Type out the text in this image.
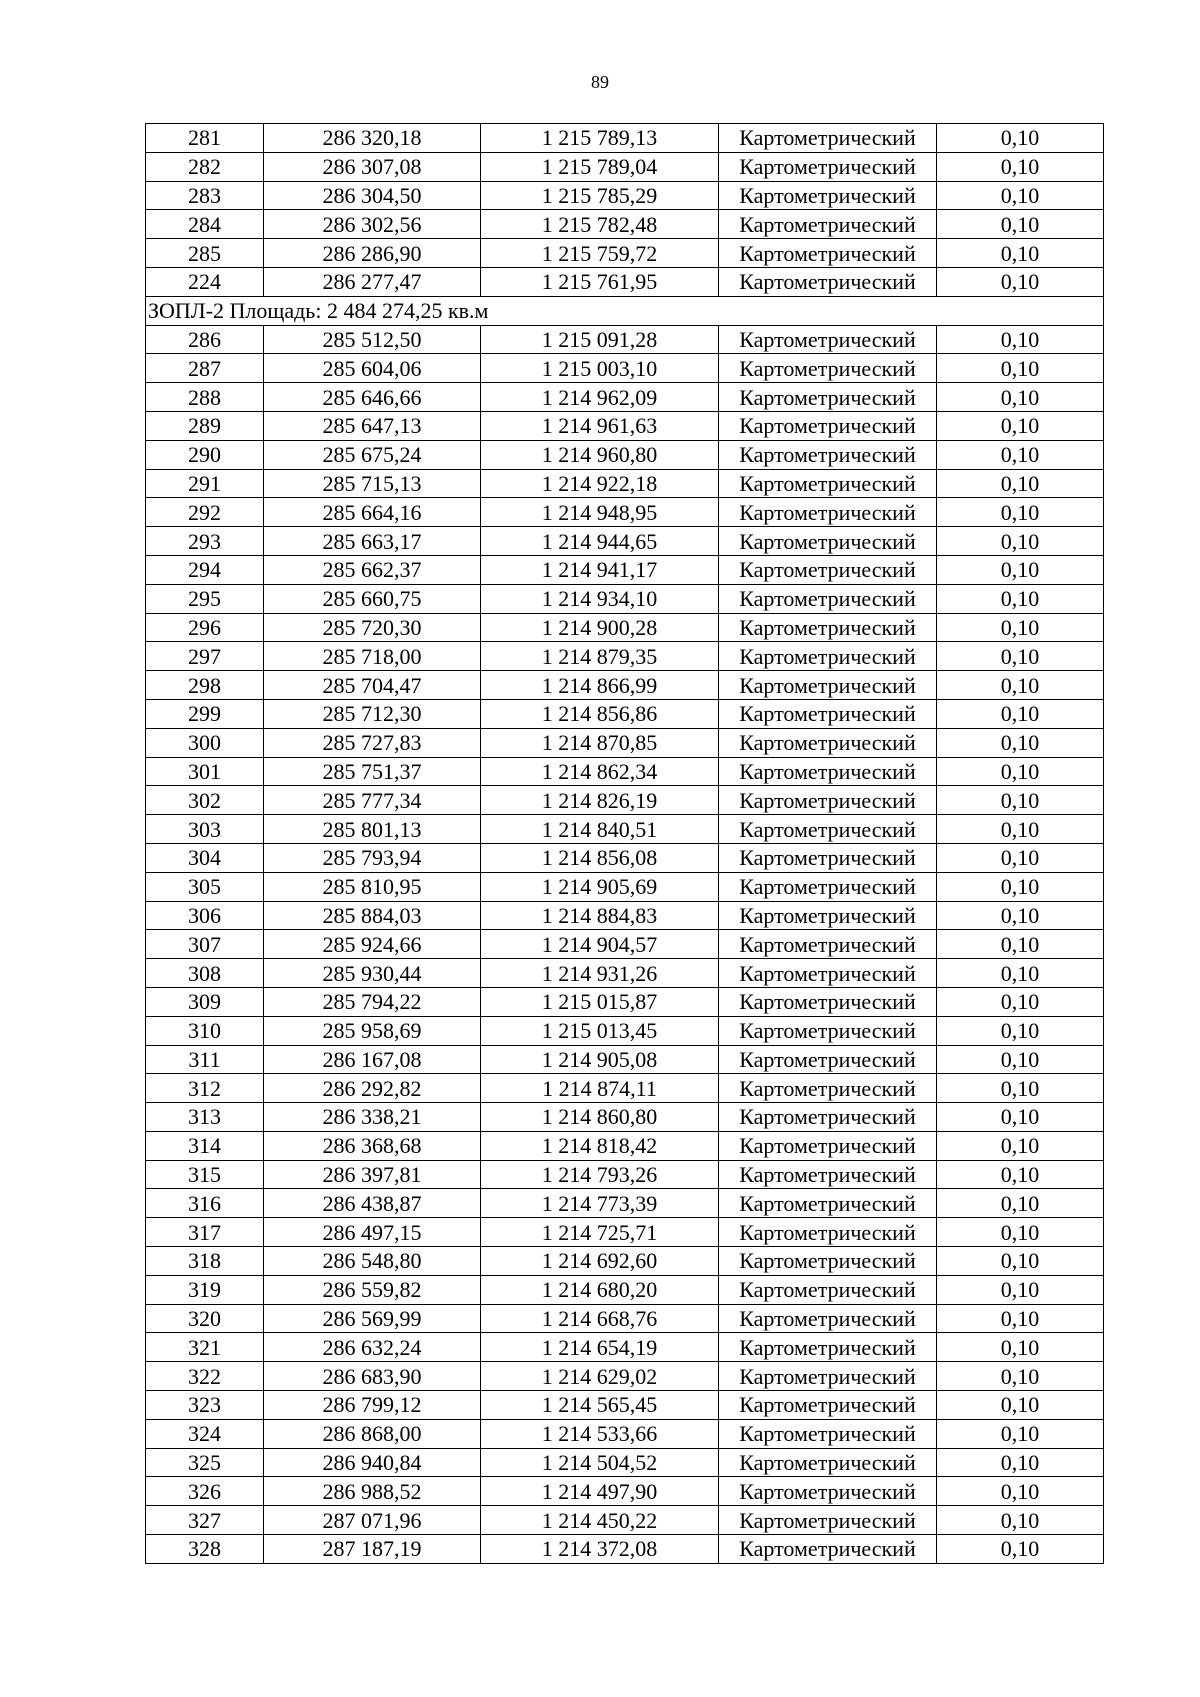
89
281	286 320,18	1 215 789,13	Картометрический	0,10
282	286 307,08	1 215 789,04	Картометрический	0,10
283	286 304,50	1 215 785,29	Картометрический	0,10
284	286 302,56	1 215 782,48	Картометрический	0,10
285	286 286,90	1 215 759,72	Картометрический	0,10
224	286 277,47	1 215 761,95	Картометрический	0,10
ЗОПЛ-2 Площадь: 2 484 274,25 кв.м				
286	285 512,50	1 215 091,28	Картометрический	0,10
287	285 604,06	1 215 003,10	Картометрический	0,10
288	285 646,66	1 214 962,09	Картометрический	0,10
289	285 647,13	1 214 961,63	Картометрический	0,10
290	285 675,24	1 214 960,80	Картометрический	0,10
291	285 715,13	1 214 922,18	Картометрический	0,10
292	285 664,16	1 214 948,95	Картометрический	0,10
293	285 663,17	1 214 944,65	Картометрический	0,10
294	285 662,37	1 214 941,17	Картометрический	0,10
295	285 660,75	1 214 934,10	Картометрический	0,10
296	285 720,30	1 214 900,28	Картометрический	0,10
297	285 718,00	1 214 879,35	Картометрический	0,10
298	285 704,47	1 214 866,99	Картометрический	0,10
299	285 712,30	1 214 856,86	Картометрический	0,10
300	285 727,83	1 214 870,85	Картометрический	0,10
301	285 751,37	1 214 862,34	Картометрический	0,10
302	285 777,34	1 214 826,19	Картометрический	0,10
303	285 801,13	1 214 840,51	Картометрический	0,10
304	285 793,94	1 214 856,08	Картометрический	0,10
305	285 810,95	1 214 905,69	Картометрический	0,10
306	285 884,03	1 214 884,83	Картометрический	0,10
307	285 924,66	1 214 904,57	Картометрический	0,10
308	285 930,44	1 214 931,26	Картометрический	0,10
309	285 794,22	1 215 015,87	Картометрический	0,10
310	285 958,69	1 215 013,45	Картометрический	0,10
311	286 167,08	1 214 905,08	Картометрический	0,10
312	286 292,82	1 214 874,11	Картометрический	0,10
313	286 338,21	1 214 860,80	Картометрический	0,10
314	286 368,68	1 214 818,42	Картометрический	0,10
315	286 397,81	1 214 793,26	Картометрический	0,10
316	286 438,87	1 214 773,39	Картометрический	0,10
317	286 497,15	1 214 725,71	Картометрический	0,10
318	286 548,80	1 214 692,60	Картометрический	0,10
319	286 559,82	1 214 680,20	Картометрический	0,10
320	286 569,99	1 214 668,76	Картометрический	0,10
321	286 632,24	1 214 654,19	Картометрический	0,10
322	286 683,90	1 214 629,02	Картометрический	0,10
323	286 799,12	1 214 565,45	Картометрический	0,10
324	286 868,00	1 214 533,66	Картометрический	0,10
325	286 940,84	1 214 504,52	Картометрический	0,10
326	286 988,52	1 214 497,90	Картометрический	0,10
327	287 071,96	1 214 450,22	Картометрический	0,10
328	287 187,19	1 214 372,08	Картометрический	0,10
